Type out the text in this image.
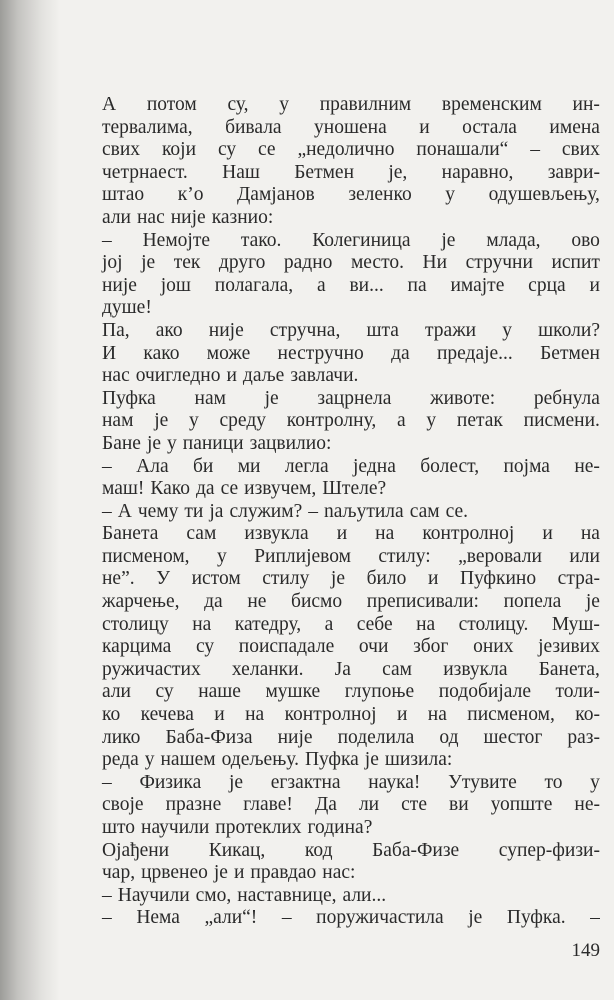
А потом су, у правилним временским ин-
тервалима, бивала уношена и остала имена
свих који су се „недолично понашали“ – свих
четрнаест. Наш Бетмен је, наравно, заври-
штао к’о Дамјанов зеленко у одушевљењу,
али нас није казнио:
– Немојте тако. Колегиница је млада, ово
јој је тек друго радно место. Ни стручни испит
није још полагала, а ви... па имајте срца и
душе!
Па, ако није стручна, шта тражи у школи?
И како може нестручно да предаје... Бетмен
нас очигледно и даље завлачи.
Пуфка нам је зацрнела животе: ребнула
нам је у среду контролну, а у петак писмени.
Бане је у паници зацвилио:
– Ала би ми легла једна болест, појма не-
маш! Како да се извучем, Штеле?
– А чему ти ја служим? – naљутила сам се.
Банета сам извукла и на контролној и на
писменом, у Риплијевом стилу: „веровали или
не”. У истом стилу је било и Пуфкино стра-
жарчење, да не бисмо преписивали: попела је
столицу на катедру, а себе на столицу. Муш-
карцима су поиспадале очи због оних језивих
ружичастих хеланки. Ја сам извукла Банета,
али су наше мушке глупоње подобијале толи-
ко кечева и на контролној и на писменом, ко-
лико Баба-Физа није поделила од шестог раз-
реда у нашем одељењу. Пуфка је шизила:
– Физика је егзактна наука! Утувите то у
своје празне главе! Да ли сте ви уопште не-
што научили протеклих година?
Ојађени Кикац, код Баба-Физе супер-физи-
чар, црвенео је и правдао нас:
– Научили смо, наставнице, али...
– Нема „али“! – поружичастила је Пуфка. –
149
